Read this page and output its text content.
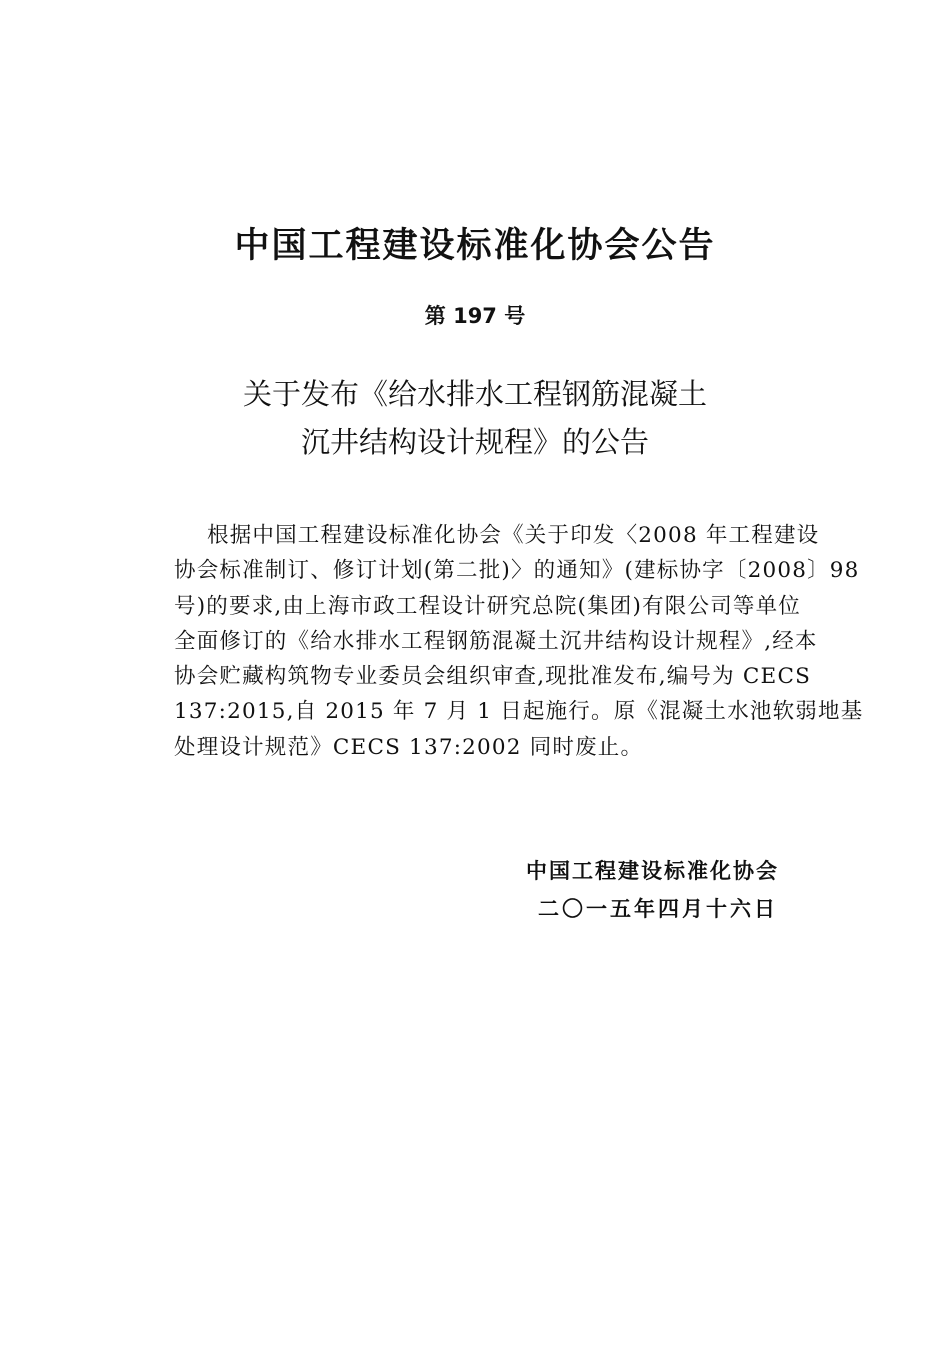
中国工程建设标准化协会公告
第 197 号
关于发布《给水排水工程钢筋混凝土
沉井结构设计规程》的公告
根据中国工程建设标准化协会《关于印发〈2008 年工程建设
协会标准制订、修订计划(第二批)〉的通知》(建标协字〔2008〕98
号)的要求,由上海市政工程设计研究总院(集团)有限公司等单位
全面修订的《给水排水工程钢筋混凝土沉井结构设计规程》,经本
协会贮藏构筑物专业委员会组织审查,现批准发布,编号为 CECS
137:2015,自 2015 年 7 月 1 日起施行。原《混凝土水池软弱地基
处理设计规范》CECS 137:2002 同时废止。
中国工程建设标准化协会
二〇一五年四月十六日
